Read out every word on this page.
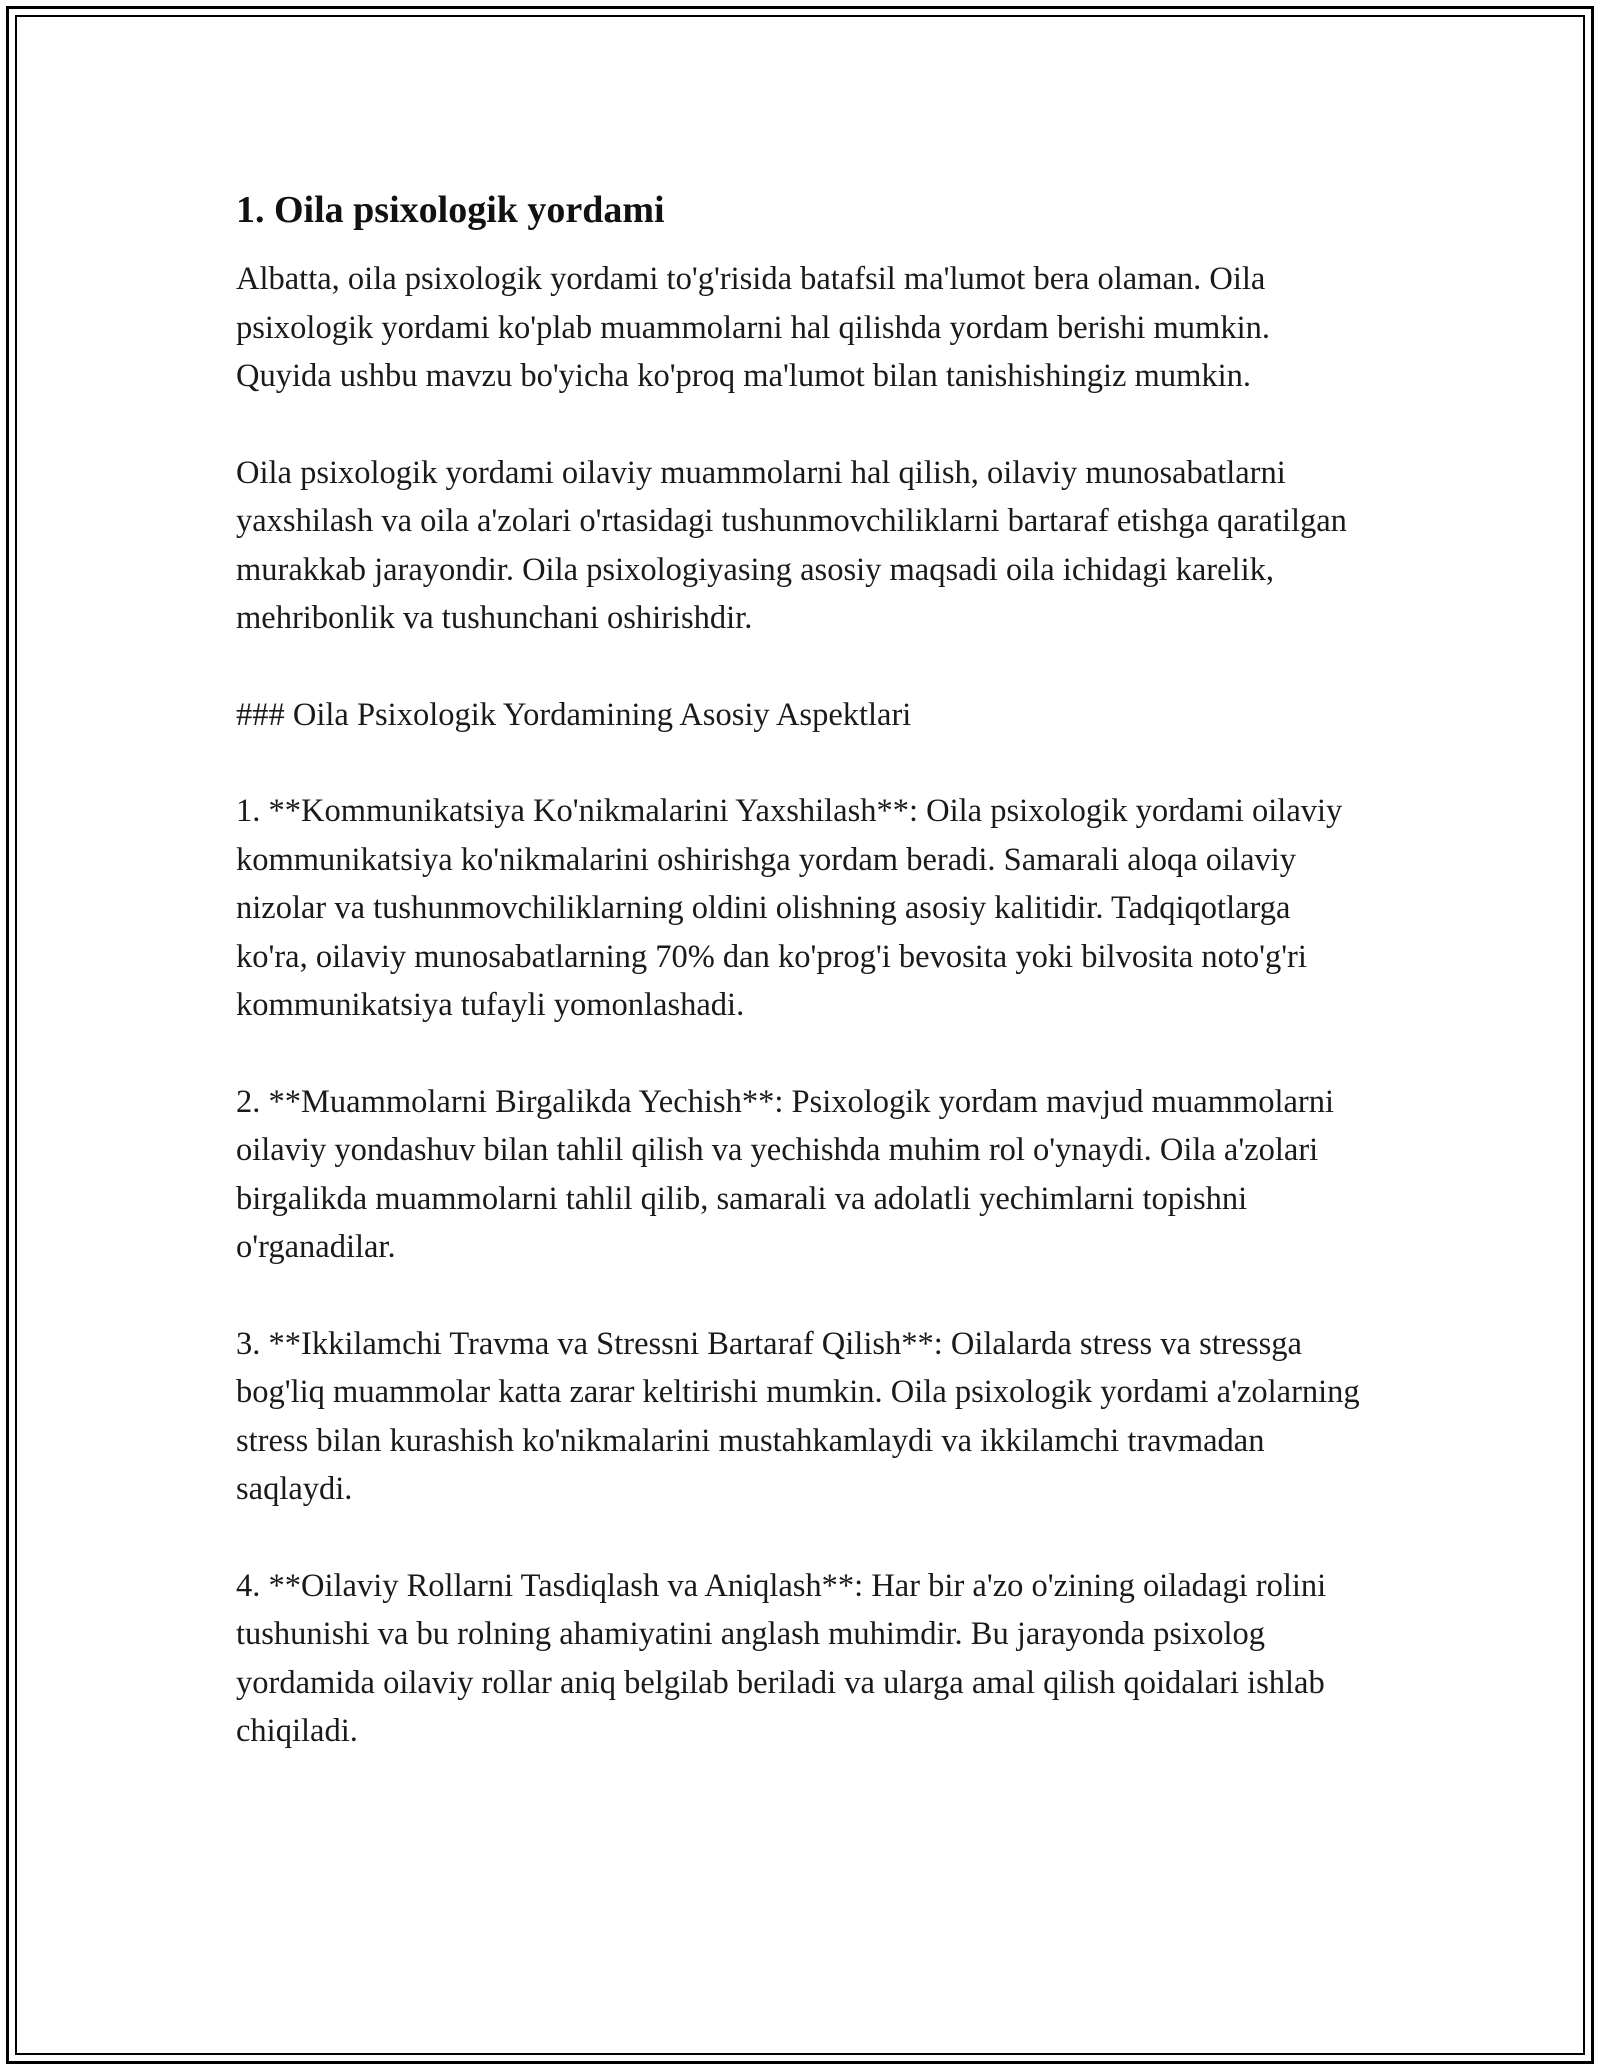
1. Oila psixologik yordami

Albatta, oila psixologik yordami to'g'risida batafsil ma'lumot bera olaman. Oila psixologik yordami ko'plab muammolarni hal qilishda yordam berishi mumkin. Quyida ushbu mavzu bo'yicha ko'proq ma'lumot bilan tanishishingiz mumkin.

Oila psixologik yordami oilaviy muammolarni hal qilish, oilaviy munosabatlarni yaxshilash va oila a'zolari o'rtasidagi tushunmovchiliklarni bartaraf etishga qaratilgan murakkab jarayondir. Oila psixologiyasing asosiy maqsadi oila ichidagi karelik, mehribonlik va tushunchani oshirishdir.

### Oila Psixologik Yordamining Asosiy Aspektlari

1. **Kommunikatsiya Ko'nikmalarini Yaxshilash**: Oila psixologik yordami oilaviy kommunikatsiya ko'nikmalarini oshirishga yordam beradi. Samarali aloqa oilaviy nizolar va tushunmovchiliklarning oldini olishning asosiy kalitidir. Tadqiqotlarga ko'ra, oilaviy munosabatlarning 70% dan ko'prog'i bevosita yoki bilvosita noto'g'ri kommunikatsiya tufayli yomonlashadi.

2. **Muammolarni Birgalikda Yechish**: Psixologik yordam mavjud muammolarni oilaviy yondashuv bilan tahlil qilish va yechishda muhim rol o'ynaydi. Oila a'zolari birgalikda muammolarni tahlil qilib, samarali va adolatli yechimlarni topishni o'rganadilar.

3. **Ikkilamchi Travma va Stressni Bartaraf Qilish**: Oilalarda stress va stressga bog'liq muammolar katta zarar keltirishi mumkin. Oila psixologik yordami a'zolarning stress bilan kurashish ko'nikmalarini mustahkamlaydi va ikkilamchi travmadan saqlaydi.

4. **Oilaviy Rollarni Tasdiqlash va Aniqlash**: Har bir a'zo o'zining oiladagi rolini tushunishi va bu rolning ahamiyatini anglash muhimdir. Bu jarayonda psixolog yordamida oilaviy rollar aniq belgilab beriladi va ularga amal qilish qoidalari ishlab chiqiladi.
